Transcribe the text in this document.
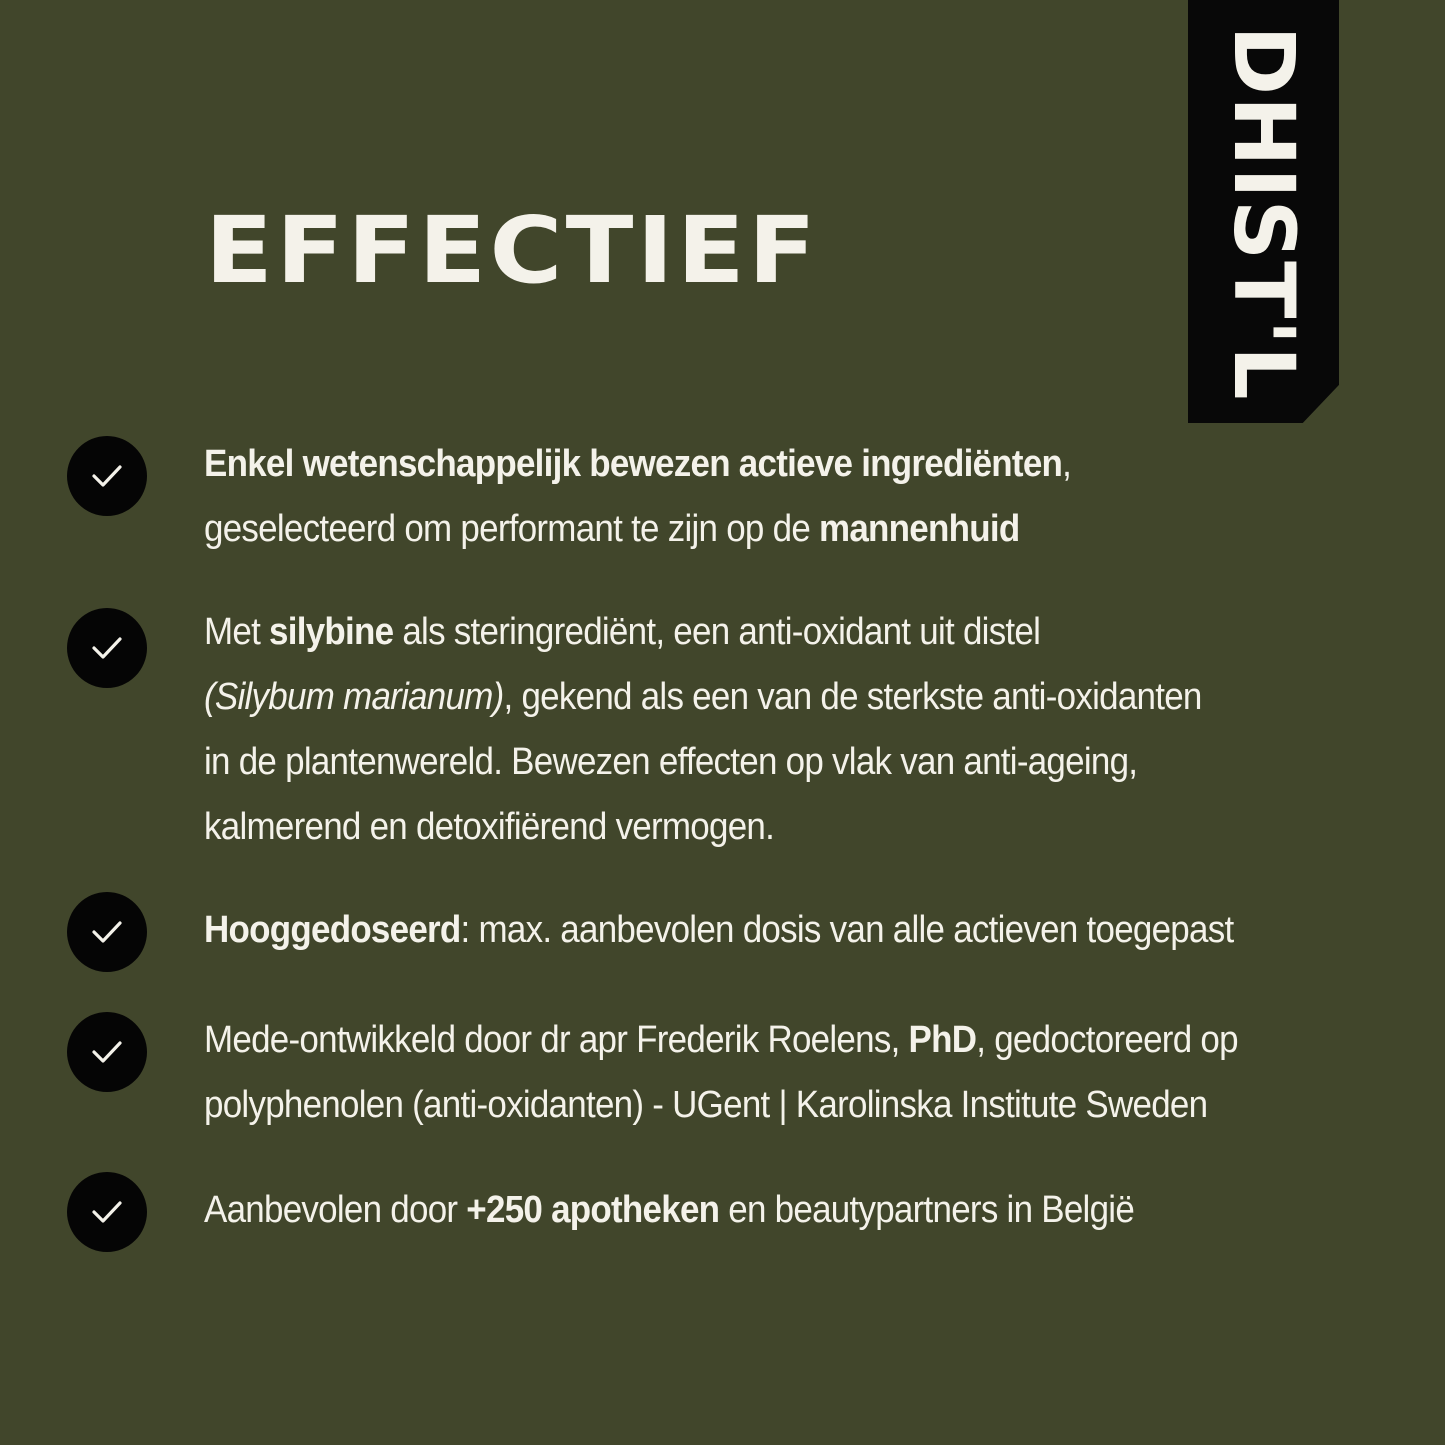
DHIST'L
EFFECTIEF
Enkel wetenschappelijk bewezen actieve ingrediënten,
geselecteerd om performant te zijn op de mannenhuid
Met silybine als steringrediënt, een anti-oxidant uit distel
(Silybum marianum), gekend als een van de sterkste anti-oxidanten
in de plantenwereld. Bewezen effecten op vlak van anti-ageing,
kalmerend en detoxifiërend vermogen.
Hooggedoseerd: max. aanbevolen dosis van alle actieven toegepast
Mede-ontwikkeld door dr apr Frederik Roelens, PhD, gedoctoreerd op
polyphenolen (anti-oxidanten) - UGent | Karolinska Institute Sweden
Aanbevolen door +250 apotheken en beautypartners in België
